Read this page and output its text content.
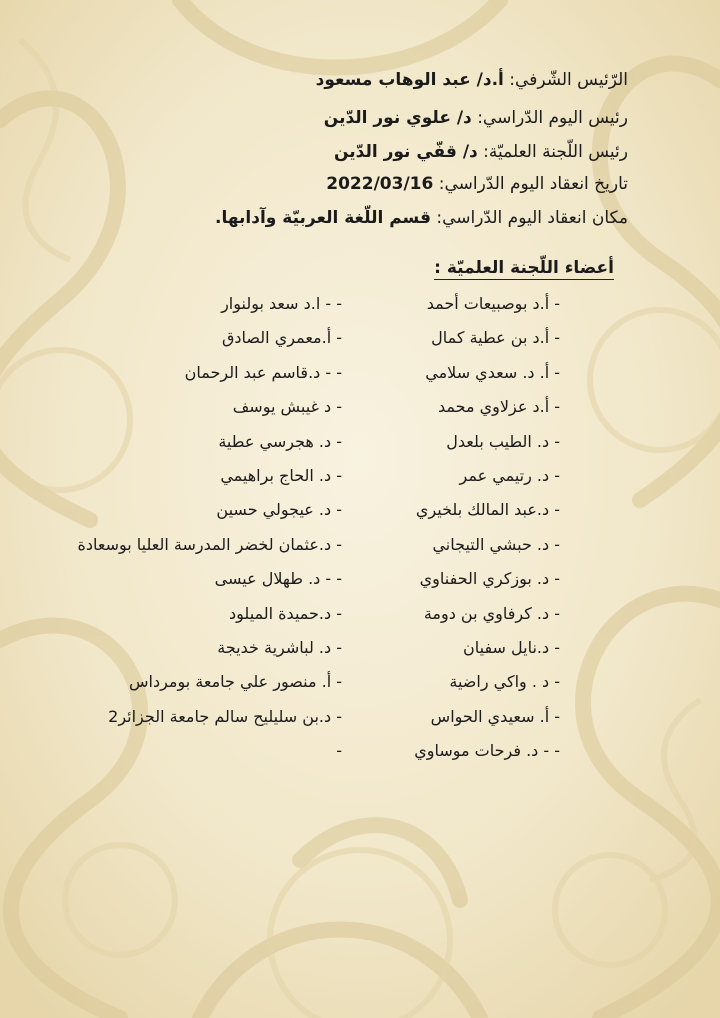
الرّئيس الشّرفي: أ.د/ عبد الوهاب مسعود
رئيس اليوم الدّراسي: د/ علوي نور الدّين
رئيس اللّجنة العلميّة: د/ قفّي نور الدّين
تاريخ انعقاد اليوم الدّراسي: 2022/03/16
مكان انعقاد اليوم الدّراسي: قسم اللّغة العربيّة وآدابها.
أعضاء اللّجنة العلميّة :
- أ.د بوصبيعات أحمد
- أ.د بن عطية كمال
- أ. د. سعدي سلامي
- أ.د عزلاوي محمد
- د. الطيب بلعدل
- د. رتيمي عمر
- د.عبد المالك بلخيري
- د. حبشي التيجاني
- د. بوزكري الحفناوي
- د. كرفاوي بن دومة
- د.نايل سفيان
- د . واكي راضية
- أ. سعيدي الحواس
- - د. فرحات موساوي
- - ا.د سعد بولنوار
- أ.معمري الصادق
- - د.قاسم عبد الرحمان
- د غيبش يوسف
- د. هجرسي عطية
- د. الحاج براهيمي
- د. عيجولي حسين
- د.عثمان لخضر المدرسة العليا بوسعادة
- - د. طهلال عيسى
- د.حميدة الميلود
- د. لباشرية خديجة
- أ. منصور علي جامعة بومرداس
- د.بن سليليح سالم جامعة الجزائر2
-
